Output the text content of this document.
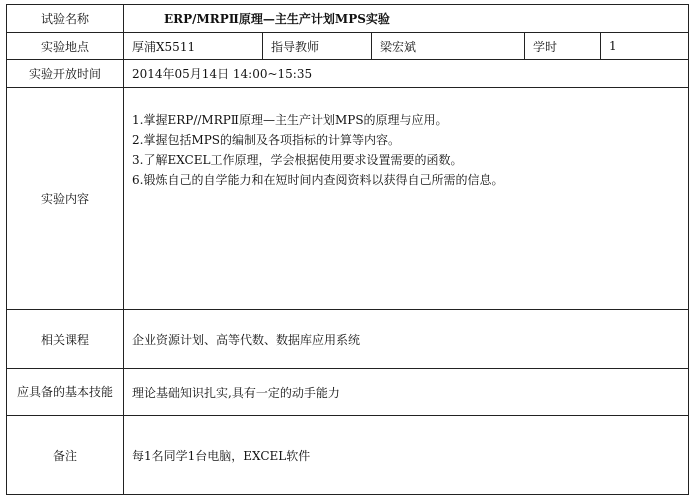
试验名称	ERP/MRPⅡ原理—主生产计划MPS实验				
实验地点	厚浦X5511	指导教师	梁宏斌	学时	1
实验开放时间	2014年05月14日 14:00~15:35				
实验内容	1.掌握ERP//MRPⅡ原理—主生产计划MPS的原理与应用。
2.掌握包括MPS的编制及各项指标的计算等内容。
3.了解EXCEL工作原理，学会根据使用要求设置需要的函数。
6.锻炼自己的自学能力和在短时间内查阅资料以获得自己所需的信息。				

相关课程	企业资源计划、高等代数、数据库应用系统				
应具备的基本技能	理论基础知识扎实,具有一定的动手能力				
备注	每1名同学1台电脑，EXCEL软件				
